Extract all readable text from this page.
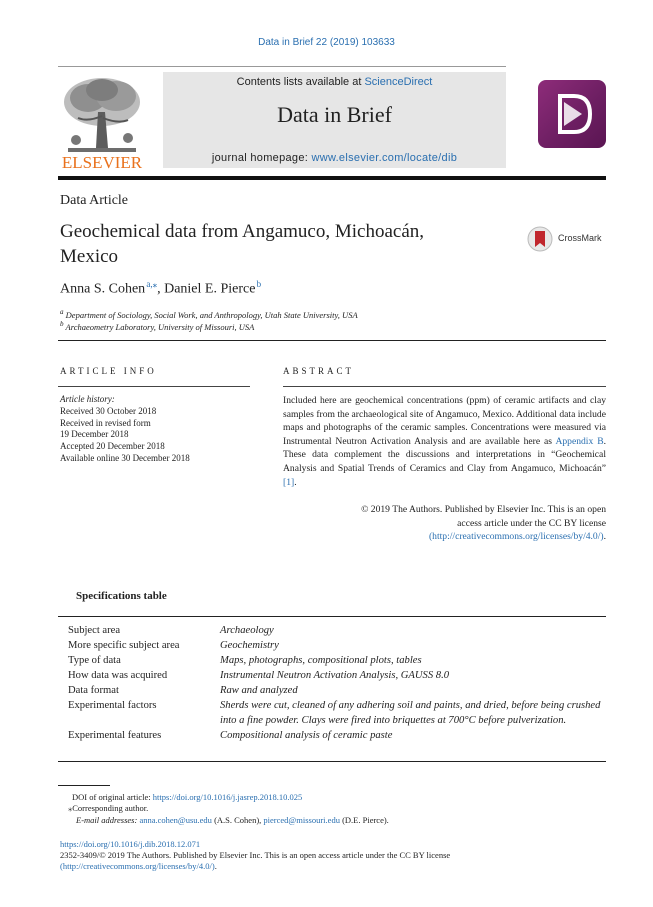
Data in Brief 22 (2019) 103633
ELSEVIER
Contents lists available at ScienceDirect
Data in Brief
journal homepage: www.elsevier.com/locate/dib
Data Article
Geochemical data from Angamuco, Michoacán, Mexico
CrossMark
Anna S. Cohen $^{a,⁎}$, Daniel E. Pierce $^b$
$^a$ Department of Sociology, Social Work, and Anthropology, Utah State University, USA
$^b$ Archaeometry Laboratory, University of Missouri, USA
ARTICLE INFO	ABSTRACT
Article history:
Received 30 October 2018
Received in revised form
19 December 2018
Accepted 20 December 2018
Available online 30 December 2018
Included here are geochemical concentrations (ppm) of ceramic artifacts and clay samples from the archaeological site of Angamuco, Mexico. Additional data include maps and photographs of the ceramic samples. Concentrations were measured via Instrumental Neutron Activation Analysis and are available here as Appendix B. These data complement the discussions and interpretations in “Geochemical Analysis and Spatial Trends of Ceramics and Clay from Angamuco, Michoacán” [1].
© 2019 The Authors. Published by Elsevier Inc. This is an open
access article under the CC BY license
(http://creativecommons.org/licenses/by/4.0/).
Specifications table
Subject area	Archaeology
More specific subject area	Geochemistry
Type of data	Maps, photographs, compositional plots, tables
How data was acquired	Instrumental Neutron Activation Analysis, GAUSS 8.0
Data format	Raw and analyzed
Experimental factors	Sherds were cut, cleaned of any adhering soil and paints, and dried, before being crushed into a fine powder. Clays were fired into briquettes at 700°C before pulverization.
Experimental features	Compositional analysis of ceramic paste
DOI of original article: https://doi.org/10.1016/j.jasrep.2018.10.025
⁎Corresponding author.
E-mail addresses: anna.cohen@usu.edu (A.S. Cohen), pierced@missouri.edu (D.E. Pierce).
https://doi.org/10.1016/j.dib.2018.12.071
2352-3409/© 2019 The Authors. Published by Elsevier Inc. This is an open access article under the CC BY license
(http://creativecommons.org/licenses/by/4.0/).
